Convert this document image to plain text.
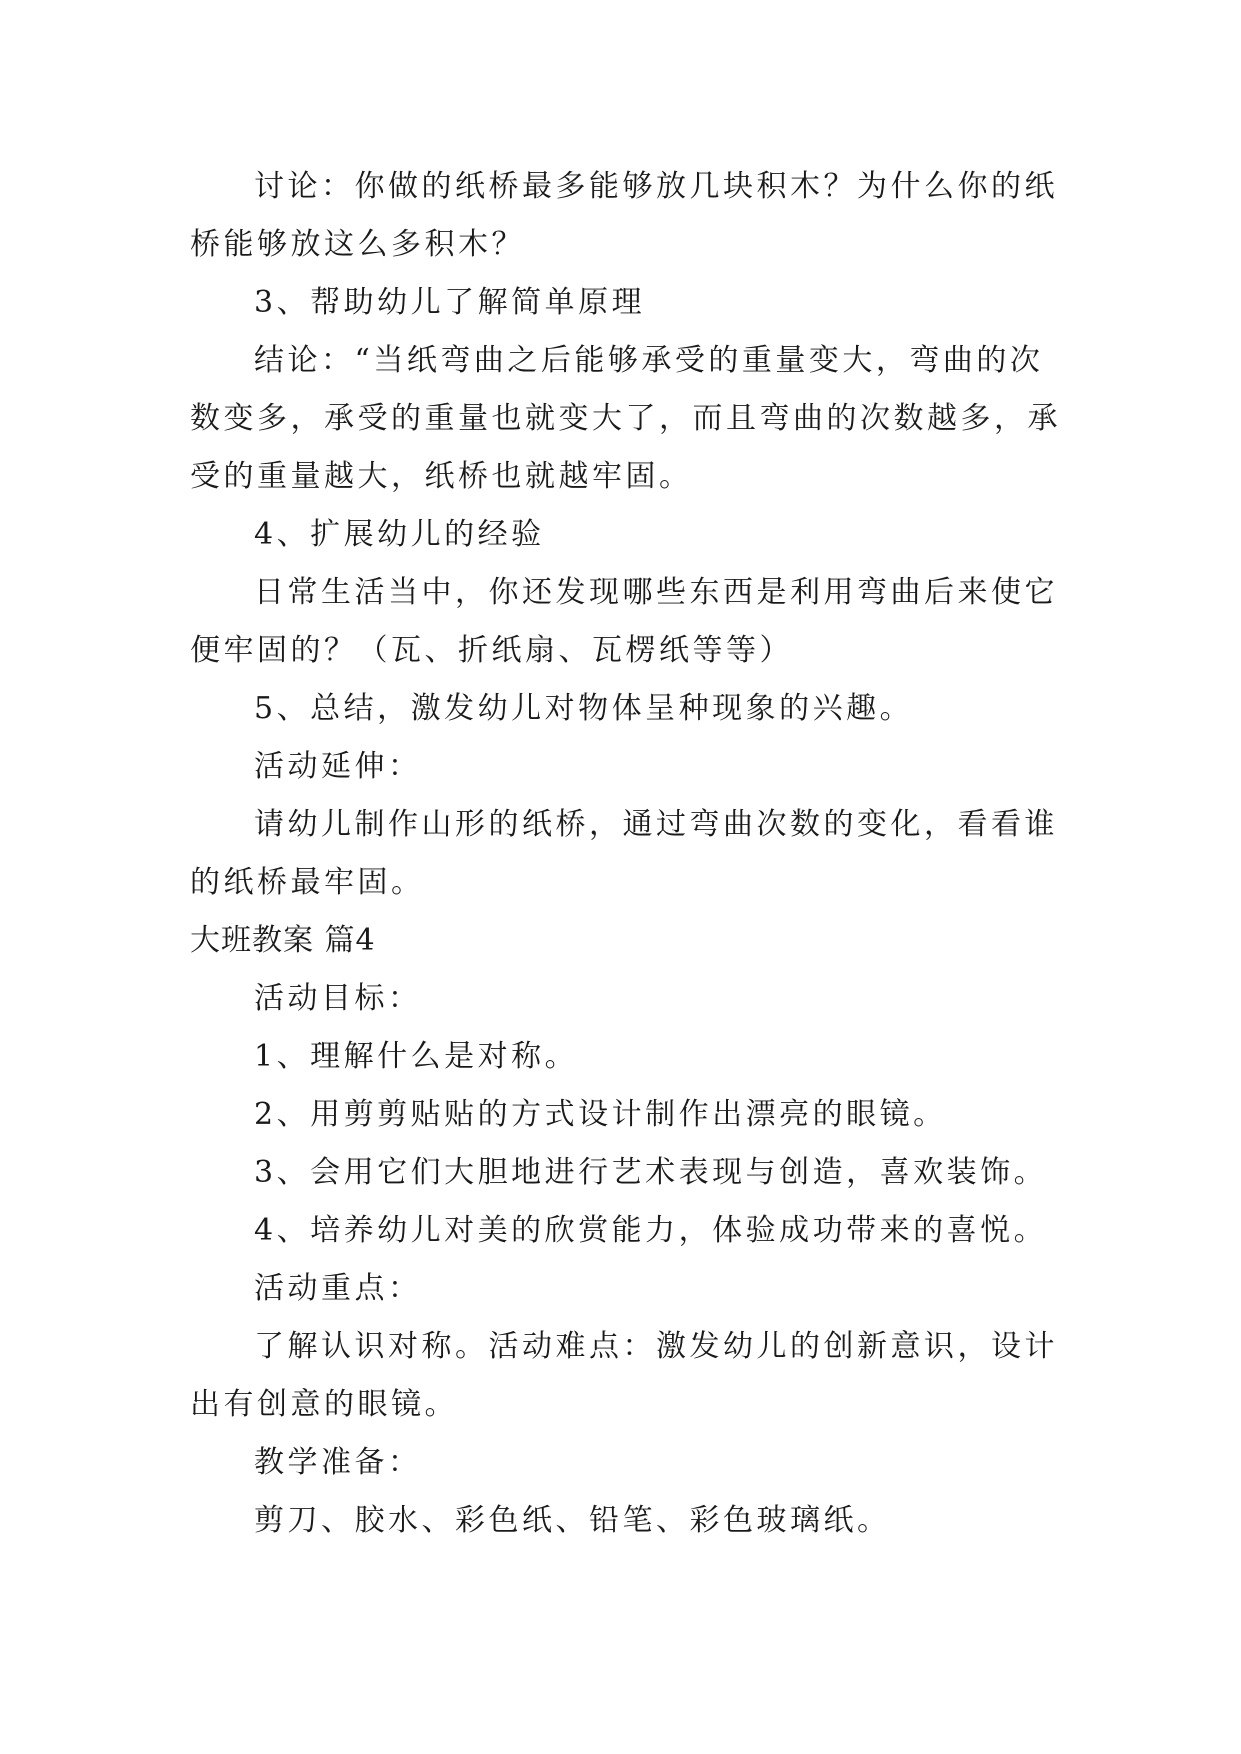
讨论：你做的纸桥最多能够放几块积木？为什么你的纸

桥能够放这么多积木？

3、帮助幼儿了解简单原理

结论：“当纸弯曲之后能够承受的重量变大，弯曲的次

数变多，承受的重量也就变大了，而且弯曲的次数越多，承

受的重量越大，纸桥也就越牢固。

4、扩展幼儿的经验

日常生活当中，你还发现哪些东西是利用弯曲后来使它

便牢固的？（瓦、折纸扇、瓦楞纸等等）

5、总结，激发幼儿对物体呈种现象的兴趣。

活动延伸：

请幼儿制作山形的纸桥，通过弯曲次数的变化，看看谁

的纸桥最牢固。

大班教案 篇4

活动目标：

1、理解什么是对称。

2、用剪剪贴贴的方式设计制作出漂亮的眼镜。

3、会用它们大胆地进行艺术表现与创造，喜欢装饰。

4、培养幼儿对美的欣赏能力，体验成功带来的喜悦。

活动重点：

了解认识对称。活动难点：激发幼儿的创新意识，设计

出有创意的眼镜。

教学准备：

剪刀、胶水、彩色纸、铅笔、彩色玻璃纸。
